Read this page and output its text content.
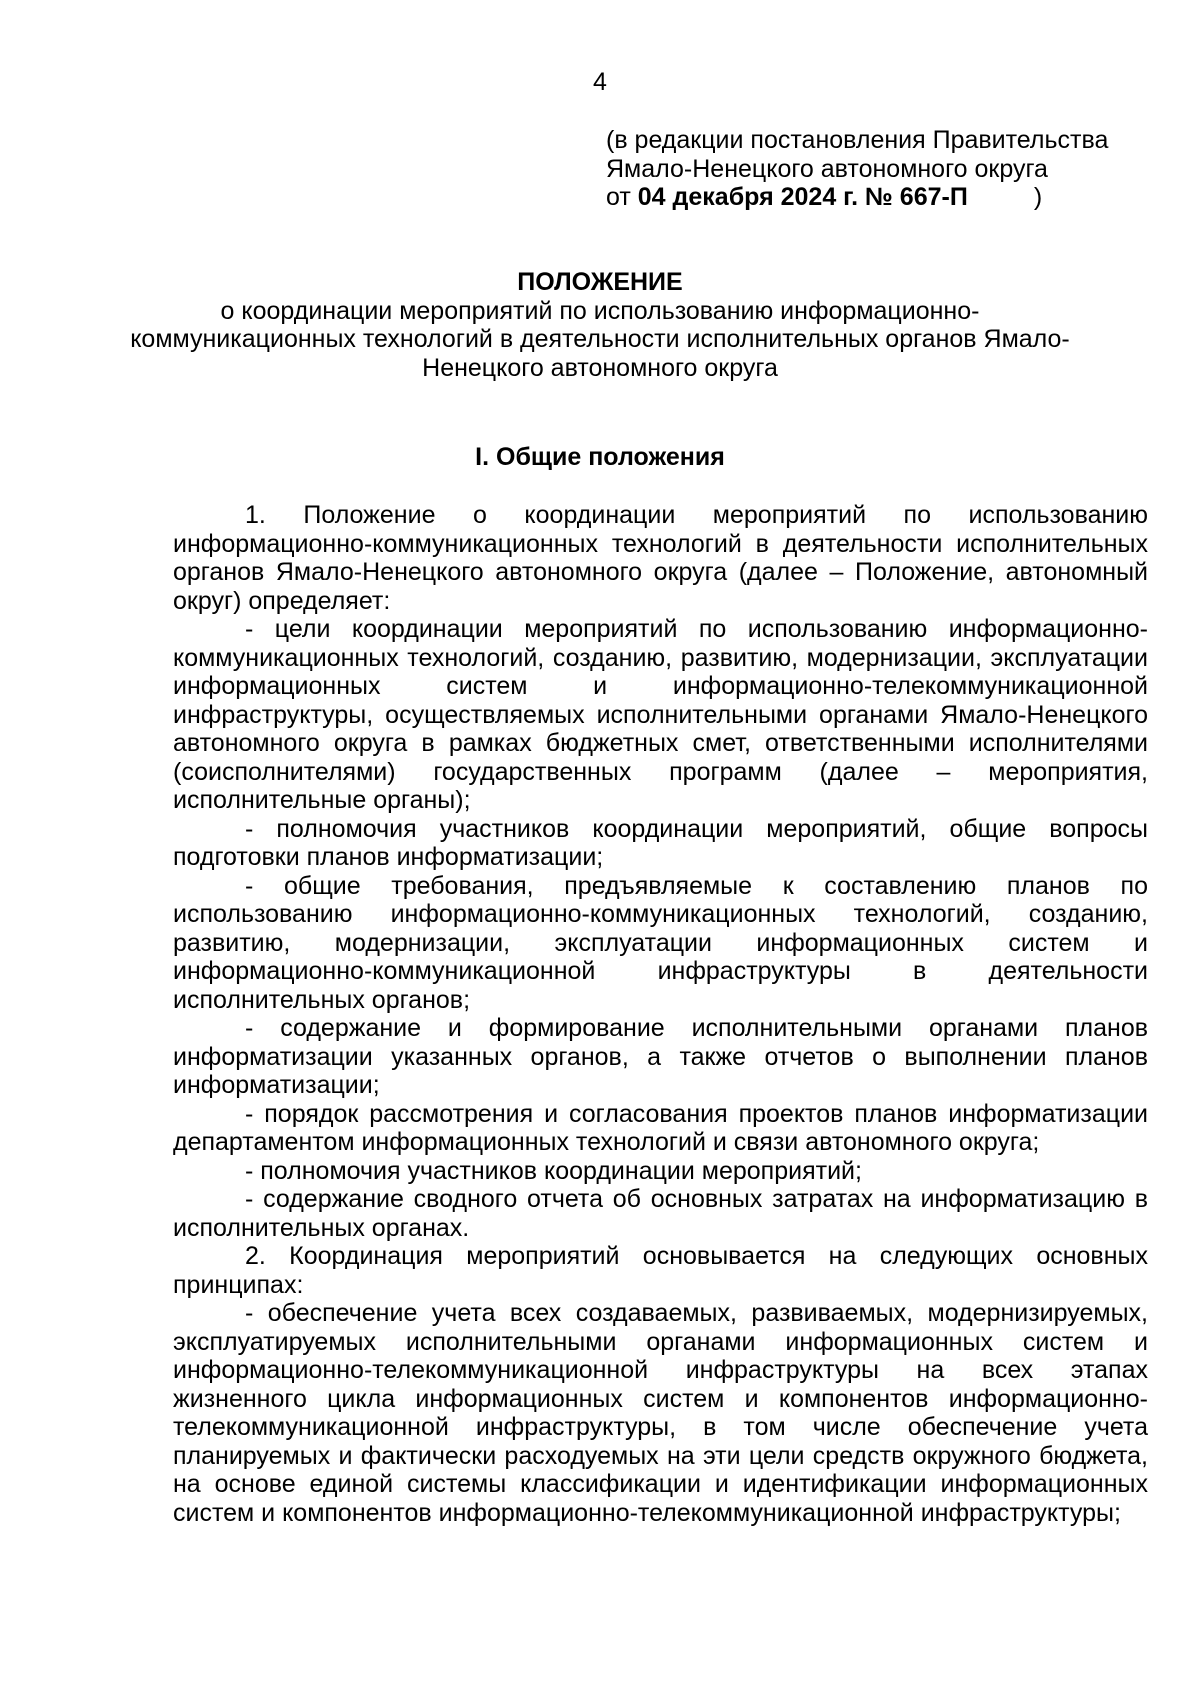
4
(в редакции постановления Правительства
Ямало-Ненецкого автономного округа
от 04 декабря 2024 г. № 667-П	)
ПОЛОЖЕНИЕ
о координации мероприятий по использованию информационно-коммуникационных технологий в деятельности исполнительных органов Ямало-Ненецкого автономного округа
I. Общие положения

1. Положение о координации мероприятий по использованию информационно-коммуникационных технологий в деятельности исполнительных органов Ямало-Ненецкого автономного округа (далее – Положение, автономный округ) определяет:

- цели координации мероприятий по использованию информационно-коммуникационных технологий, созданию, развитию, модернизации, эксплуатации информационных систем и информационно-телекоммуникационной инфраструктуры, осуществляемых исполнительными органами Ямало-Ненецкого автономного округа в рамках бюджетных смет, ответственными исполнителями (соисполнителями) государственных программ (далее – мероприятия, исполнительные органы);

- полномочия участников координации мероприятий, общие вопросы подготовки планов информатизации;

- общие требования, предъявляемые к составлению планов по использованию информационно-коммуникационных технологий, созданию, развитию, модернизации, эксплуатации информационных систем и информационно-коммуникационной инфраструктуры в деятельности исполнительных органов;

- содержание и формирование исполнительными органами планов информатизации указанных органов, а также отчетов о выполнении планов информатизации;

- порядок рассмотрения и согласования проектов планов информатизации департаментом информационных технологий и связи автономного округа;

- полномочия участников координации мероприятий;

- содержание сводного отчета об основных затратах на информатизацию в исполнительных органах.

2. Координация мероприятий основывается на следующих основных принципах:

- обеспечение учета всех создаваемых, развиваемых, модернизируемых, эксплуатируемых исполнительными органами информационных систем и информационно-телекоммуникационной инфраструктуры на всех этапах жизненного цикла информационных систем и компонентов информационно-телекоммуникационной инфраструктуры, в том числе обеспечение учета планируемых и фактически расходуемых на эти цели средств окружного бюджета, на основе единой системы классификации и идентификации информационных систем и компонентов информационно-телекоммуникационной инфраструктуры;
